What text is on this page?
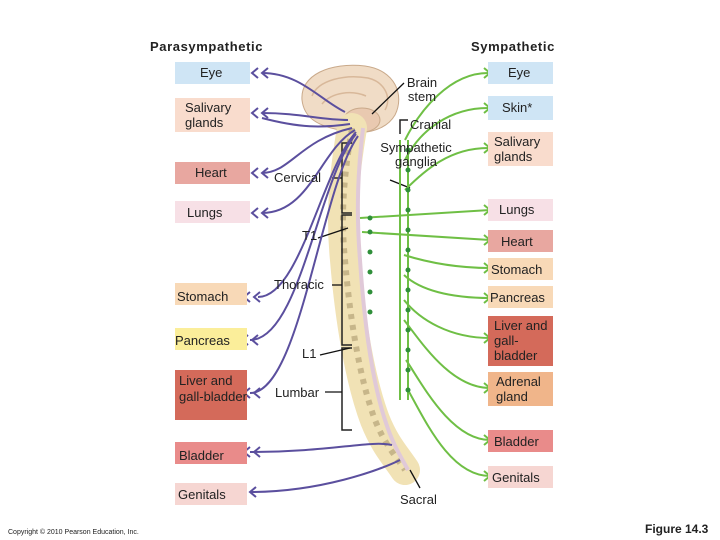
Parasympathetic	Sympathetic
Eye
Salivary glands
Heart
Lungs
Stomach
Pancreas
Liver and gall-bladder
Bladder
Genitals
Eye
Skin*
Salivary glands
Lungs
Heart
Stomach
Pancreas
Liver and gall-bladder
Adrenal gland
Bladder
Genitals
Brain stem
Cranial
Sympathetic ganglia
Cervical
T1
Thoracic
L1
Lumbar
Sacral
Copyright © 2010 Pearson Education, Inc.	Figure 14.3
